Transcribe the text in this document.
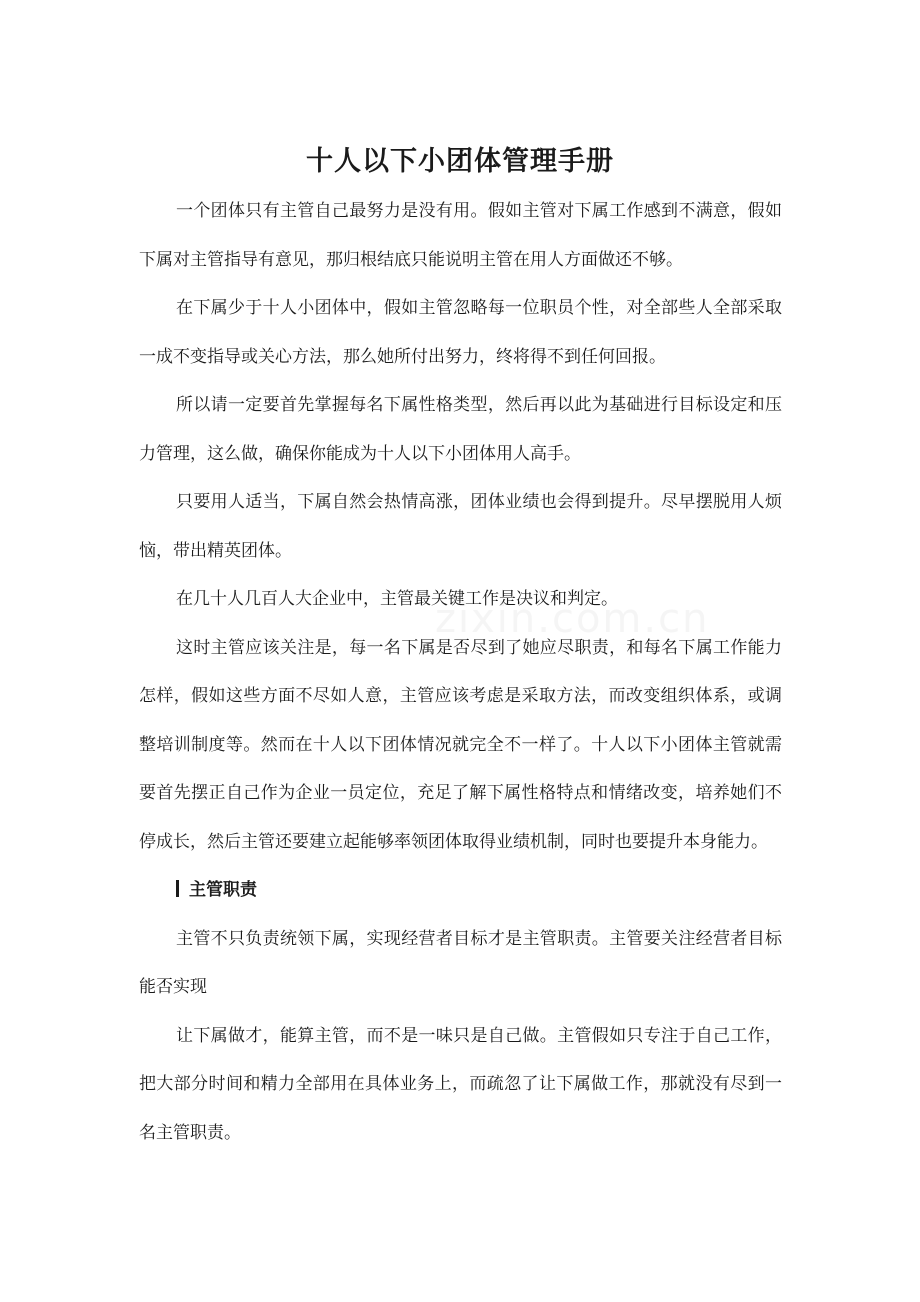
十人以下小团体管理手册

一个团体只有主管自己最努力是没有用。假如主管对下属工作感到不满意，假如下属对主管指导有意见，那归根结底只能说明主管在用人方面做还不够。

在下属少于十人小团体中，假如主管忽略每一位职员个性，对全部些人全部采取一成不变指导或关心方法，那么她所付出努力，终将得不到任何回报。

所以请一定要首先掌握每名下属性格类型，然后再以此为基础进行目标设定和压力管理，这么做，确保你能成为十人以下小团体用人高手。

只要用人适当，下属自然会热情高涨，团体业绩也会得到提升。尽早摆脱用人烦恼，带出精英团体。

在几十人几百人大企业中，主管最关键工作是决议和判定。

这时主管应该关注是，每一名下属是否尽到了她应尽职责，和每名下属工作能力怎样，假如这些方面不尽如人意，主管应该考虑是采取方法，而改变组织体系，或调整培训制度等。然而在十人以下团体情况就完全不一样了。十人以下小团体主管就需要首先摆正自己作为企业一员定位，充足了解下属性格特点和情绪改变，培养她们不停成长，然后主管还要建立起能够率领团体取得业绩机制，同时也要提升本身能力。

主管职责

主管不只负责统领下属，实现经营者目标才是主管职责。主管要关注经营者目标能否实现

让下属做才，能算主管，而不是一味只是自己做。主管假如只专注于自己工作，把大部分时间和精力全部用在具体业务上，而疏忽了让下属做工作，那就没有尽到一名主管职责。

zixin.com.cn
